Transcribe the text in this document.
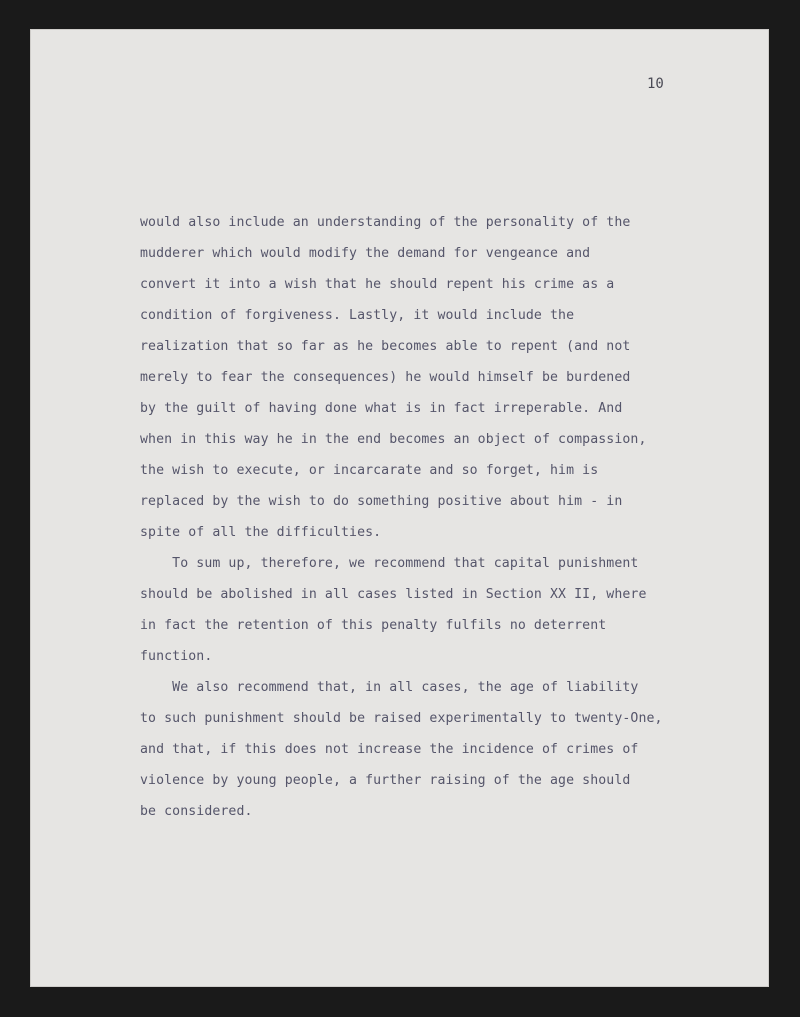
10
would also include an understanding of the personality of the
mudderer which would modify the demand for vengeance and
convert it into a wish that he should repent his crime as a
condition of forgiveness. Lastly, it would include the
realization that so far as he becomes able to repent (and not
merely to fear the consequences) he would himself be burdened
by the guilt of having done what is in fact irreperable. And
when in this way he in the end becomes an object of compassion,
the wish to execute, or incarcarate and so forget, him is
replaced by the wish to do something positive about him - in
spite of all the difficulties.
To sum up, therefore, we recommend that capital punishment
should be abolished in all cases listed in Section XX II, where
in fact the retention of this penalty fulfils no deterrent
function.
We also recommend that, in all cases, the age of liability
to such punishment should be raised experimentally to twenty-One,
and that, if this does not increase the incidence of crimes of
violence by young people, a further raising of the age should
be considered.
